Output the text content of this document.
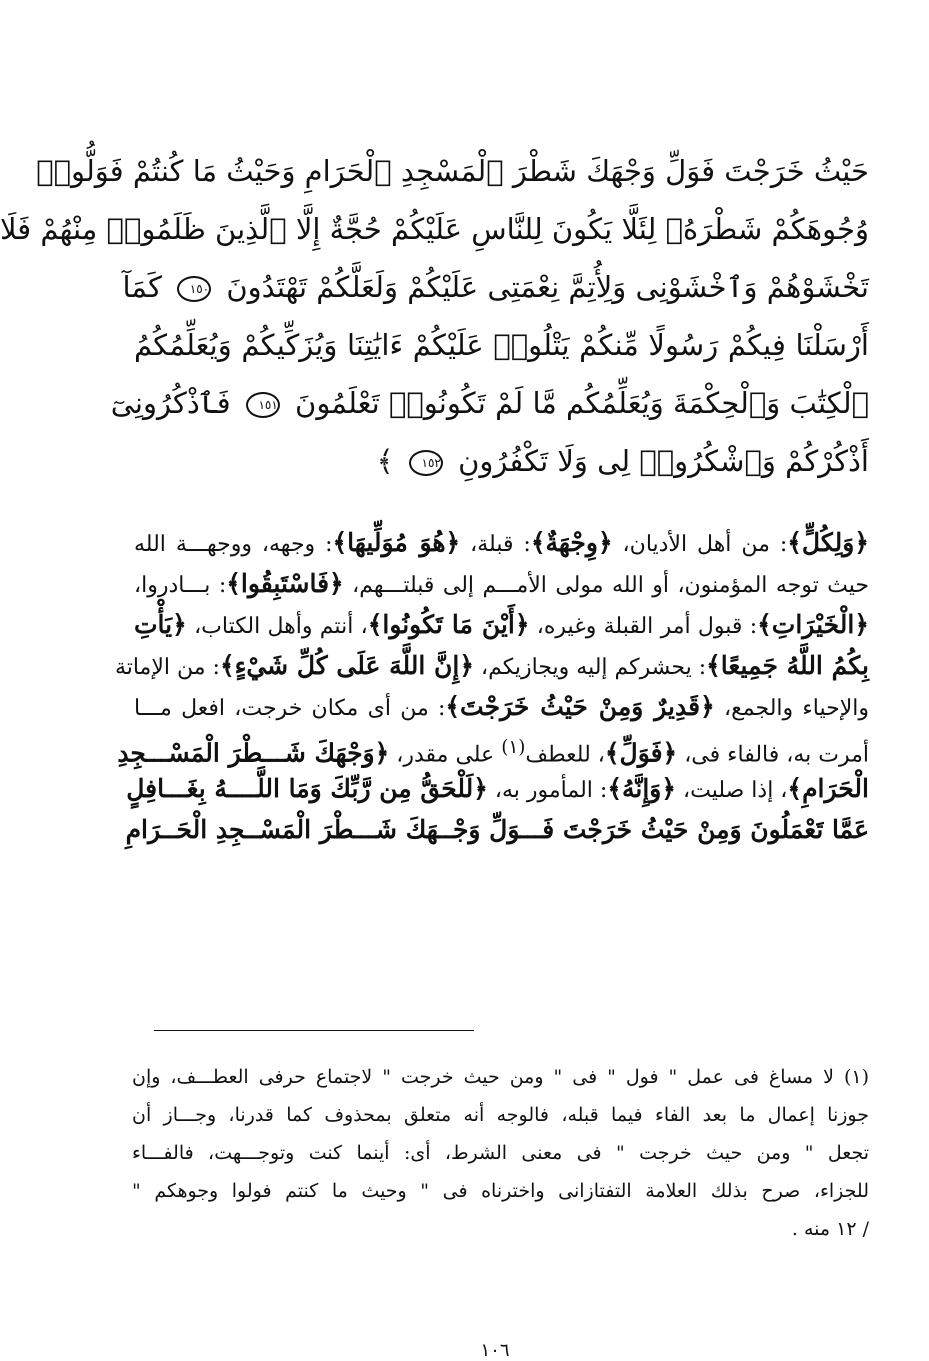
حَيْثُ خَرَجْتَ فَوَلِّ وَجْهَكَ شَطْرَ ٱلْمَسْجِدِ ٱلْحَرَامِ وَحَيْثُ مَا كُنتُمْ فَوَلُّوا۟
وُجُوهَكُمْ شَطْرَهُۥ لِئَلَّا يَكُونَ لِلنَّاسِ عَلَيْكُمْ حُجَّةٌ إِلَّا ٱلَّذِينَ ظَلَمُوا۟ مِنْهُمْ فَلَا
تَخْشَوْهُمْ وَٱخْشَوْنِى وَلِأُتِمَّ نِعْمَتِى عَلَيْكُمْ وَلَعَلَّكُمْ تَهْتَدُونَ ١٥٠ كَمَآ
أَرْسَلْنَا فِيكُمْ رَسُولًا مِّنكُمْ يَتْلُوا۟ عَلَيْكُمْ ءَايَٰتِنَا وَيُزَكِّيكُمْ وَيُعَلِّمُكُمُ
ٱلْكِتَٰبَ وَٱلْحِكْمَةَ وَيُعَلِّمُكُم مَّا لَمْ تَكُونُوا۟ تَعْلَمُونَ ١٥١ فَٱذْكُرُونِىٓ
أَذْكُرْكُمْ وَٱشْكُرُوا۟ لِى وَلَا تَكْفُرُونِ ١٥٢ ﴾
﴿وَلِكُلٍّ﴾: من أهل الأديان، ﴿وِجْهَةٌ﴾: قبلة، ﴿هُوَ مُوَلِّيهَا﴾: وجهه، ووجهـــة الله
حيث توجه المؤمنون، أو الله مولى الأمـــم إلى قبلتـــهم، ﴿فَاسْتَبِقُوا﴾: بـــادروا،
﴿الْخَيْرَاتِ﴾: قبول أمر القبلة وغيره، ﴿أَيْنَ مَا تَكُونُوا﴾، أنتم وأهل الكتاب، ﴿يَأْتِ
بِكُمُ اللَّهُ جَمِيعًا﴾: يحشركم إليه ويجازيكم، ﴿إِنَّ اللَّهَ عَلَى كُلِّ شَيْءٍ﴾: من الإماتة
والإحياء والجمع، ﴿قَدِيرٌ وَمِنْ حَيْثُ خَرَجْتَ﴾: من أى مكان خرجت، افعل مـــا
أمرت به، فالفاء فى، ﴿فَوَلِّ﴾، للعطف$^{(١)}$ على مقدر، ﴿وَجْهَكَ شَـــطْرَ الْمَسْـــجِدِ
الْحَرَامِ﴾، إذا صليت، ﴿وَإِنَّهُ﴾: المأمور به، ﴿لَلْحَقُّ مِن رَّبِّكَ وَمَا اللَّــــهُ بِغَـــافِلٍ
عَمَّا تَعْمَلُونَ وَمِنْ حَيْثُ خَرَجْتَ فَـــوَلِّ وَجْــهَكَ شَـــطْرَ الْمَسْــجِدِ الْحَــرَامِ
(١) لا مساغ فى عمل " فول " فى " ومن حيث خرجت " لاجتماع حرفى العطـــف، وإن
جوزنا إعمال ما بعد الفاء فيما قبله، فالوجه أنه متعلق بمحذوف كما قدرنا، وجـــاز أن
تجعل " ومن حيث خرجت " فى معنى الشرط، أى: أينما كنت وتوجـــهت، فالفـــاء
للجزاء، صرح بذلك العلامة التفتازانى واخترناه فى " وحيث ما كنتم فولوا وجوهكم "
/ ١٢ منه .
١٠٦
